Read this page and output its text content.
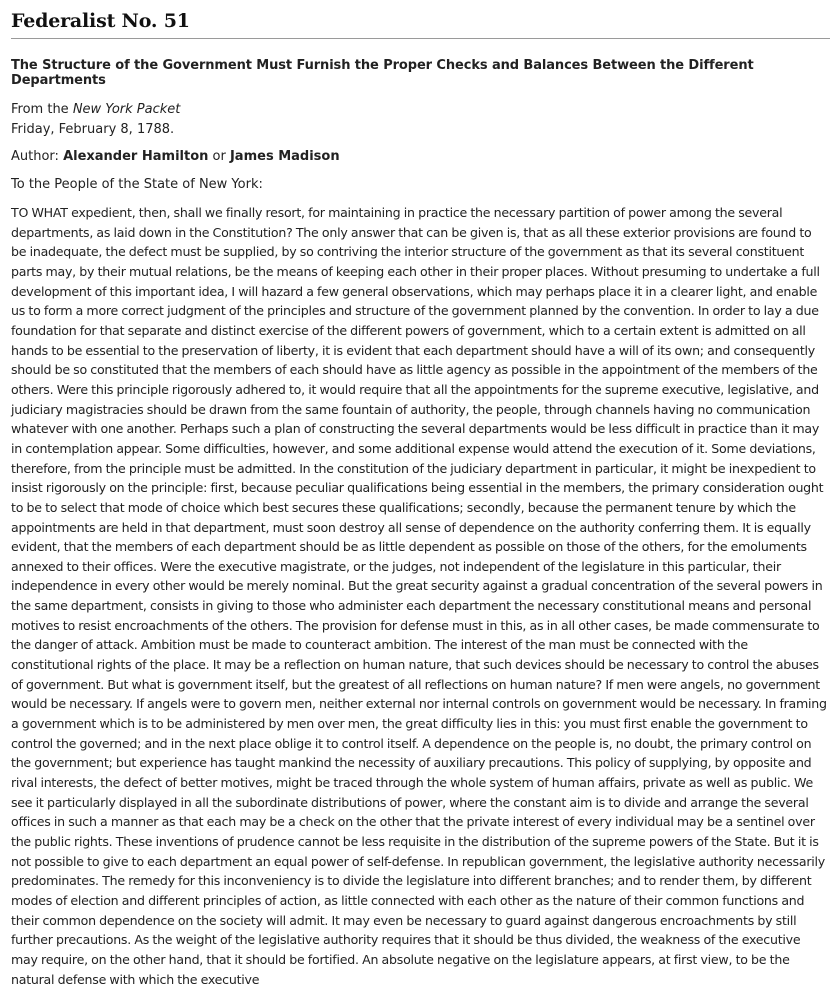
Federalist No. 51

The Structure of the Government Must Furnish the Proper Checks and Balances Between the Different Departments

From the New York Packet
Friday, February 8, 1788.
Author: Alexander Hamilton or James Madison
To the People of the State of New York:

TO WHAT expedient, then, shall we finally resort, for maintaining in practice the necessary partition of power among the several departments, as laid down in the Constitution? The only answer that can be given is, that as all these exterior provisions are found to be inadequate, the defect must be supplied, by so contriving the interior structure of the government as that its several constituent parts may, by their mutual relations, be the means of keeping each other in their proper places. Without presuming to undertake a full development of this important idea, I will hazard a few general observations, which may perhaps place it in a clearer light, and enable us to form a more correct judgment of the principles and structure of the government planned by the convention. In order to lay a due foundation for that separate and distinct exercise of the different powers of government, which to a certain extent is admitted on all hands to be essential to the preservation of liberty, it is evident that each department should have a will of its own; and consequently should be so constituted that the members of each should have as little agency as possible in the appointment of the members of the others. Were this principle rigorously adhered to, it would require that all the appointments for the supreme executive, legislative, and judiciary magistracies should be drawn from the same fountain of authority, the people, through channels having no communication whatever with one another. Perhaps such a plan of constructing the several departments would be less difficult in practice than it may in contemplation appear. Some difficulties, however, and some additional expense would attend the execution of it. Some deviations, therefore, from the principle must be admitted. In the constitution of the judiciary department in particular, it might be inexpedient to insist rigorously on the principle: first, because peculiar qualifications being essential in the members, the primary consideration ought to be to select that mode of choice which best secures these qualifications; secondly, because the permanent tenure by which the appointments are held in that department, must soon destroy all sense of dependence on the authority conferring them. It is equally evident, that the members of each department should be as little dependent as possible on those of the others, for the emoluments annexed to their offices. Were the executive magistrate, or the judges, not independent of the legislature in this particular, their independence in every other would be merely nominal. But the great security against a gradual concentration of the several powers in the same department, consists in giving to those who administer each department the necessary constitutional means and personal motives to resist encroachments of the others. The provision for defense must in this, as in all other cases, be made commensurate to the danger of attack. Ambition must be made to counteract ambition. The interest of the man must be connected with the constitutional rights of the place. It may be a reflection on human nature, that such devices should be necessary to control the abuses of government. But what is government itself, but the greatest of all reflections on human nature? If men were angels, no government would be necessary. If angels were to govern men, neither external nor internal controls on government would be necessary. In framing a government which is to be administered by men over men, the great difficulty lies in this: you must first enable the government to control the governed; and in the next place oblige it to control itself. A dependence on the people is, no doubt, the primary control on the government; but experience has taught mankind the necessity of auxiliary precautions. This policy of supplying, by opposite and rival interests, the defect of better motives, might be traced through the whole system of human affairs, private as well as public. We see it particularly displayed in all the subordinate distributions of power, where the constant aim is to divide and arrange the several offices in such a manner as that each may be a check on the other that the private interest of every individual may be a sentinel over the public rights. These inventions of prudence cannot be less requisite in the distribution of the supreme powers of the State. But it is not possible to give to each department an equal power of self-defense. In republican government, the legislative authority necessarily predominates. The remedy for this inconveniency is to divide the legislature into different branches; and to render them, by different modes of election and different principles of action, as little connected with each other as the nature of their common functions and their common dependence on the society will admit. It may even be necessary to guard against dangerous encroachments by still further precautions. As the weight of the legislative authority requires that it should be thus divided, the weakness of the executive may require, on the other hand, that it should be fortified. An absolute negative on the legislature appears, at first view, to be the natural defense with which the executive
